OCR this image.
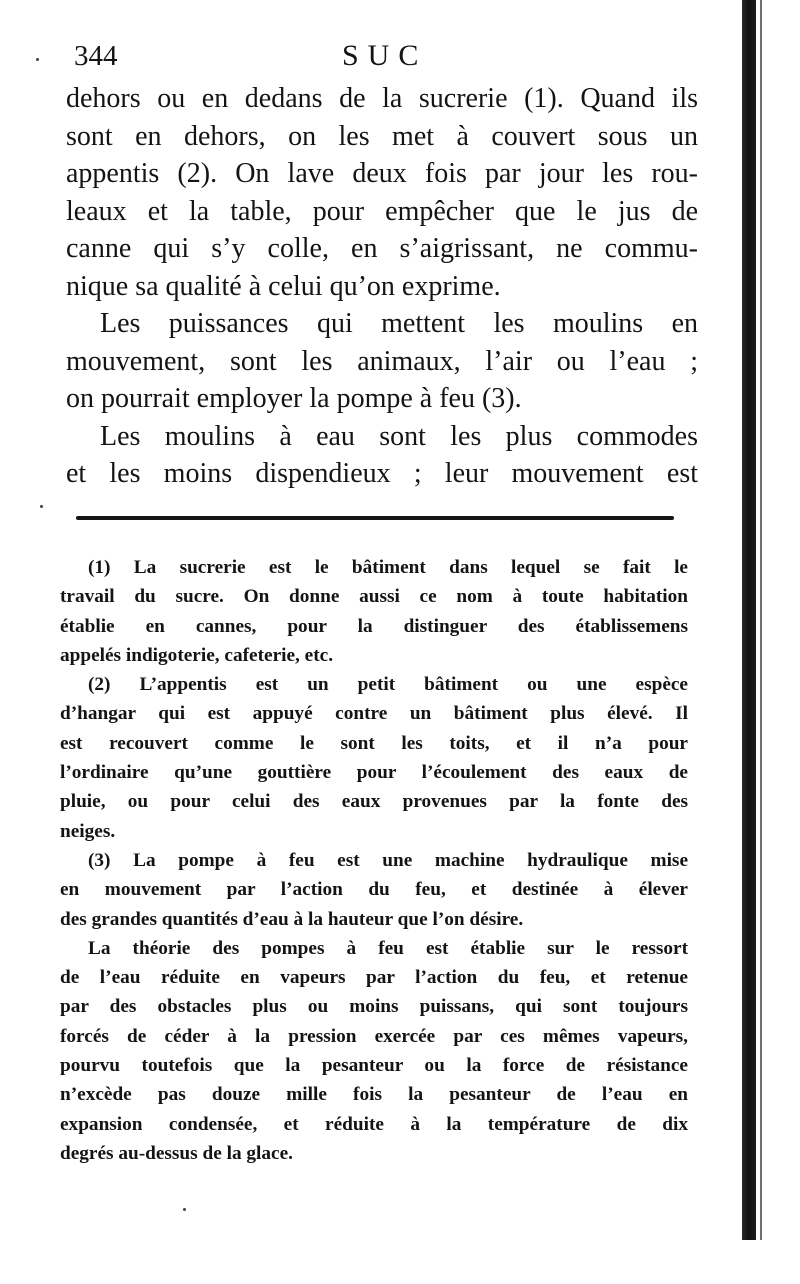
344	SUC
dehors ou en dedans de la sucrerie (1). Quand ils
sont en dehors, on les met à couvert sous un
appentis (2). On lave deux fois par jour les rou-
leaux et la table, pour empêcher que le jus de
canne qui s’y colle, en s’aigrissant, ne commu-
nique sa qualité à celui qu’on exprime.
Les puissances qui mettent les moulins en
mouvement, sont les animaux, l’air ou l’eau ;
on pourrait employer la pompe à feu (3).
Les moulins à eau sont les plus commodes
et les moins dispendieux ; leur mouvement est
(1) La sucrerie est le bâtiment dans lequel se fait le
travail du sucre. On donne aussi ce nom à toute habitation
établie en cannes, pour la distinguer des établissemens
appelés indigoterie, cafeterie, etc.
(2) L’appentis est un petit bâtiment ou une espèce
d’hangar qui est appuyé contre un bâtiment plus élevé. Il
est recouvert comme le sont les toits, et il n’a pour
l’ordinaire qu’une gouttière pour l’écoulement des eaux de
pluie, ou pour celui des eaux provenues par la fonte des
neiges.
(3) La pompe à feu est une machine hydraulique mise
en mouvement par l’action du feu, et destinée à élever
des grandes quantités d’eau à la hauteur que l’on désire.
La théorie des pompes à feu est établie sur le ressort
de l’eau réduite en vapeurs par l’action du feu, et retenue
par des obstacles plus ou moins puissans, qui sont toujours
forcés de céder à la pression exercée par ces mêmes vapeurs,
pourvu toutefois que la pesanteur ou la force de résistance
n’excède pas douze mille fois la pesanteur de l’eau en
expansion condensée, et réduite à la température de dix
degrés au-dessus de la glace.
